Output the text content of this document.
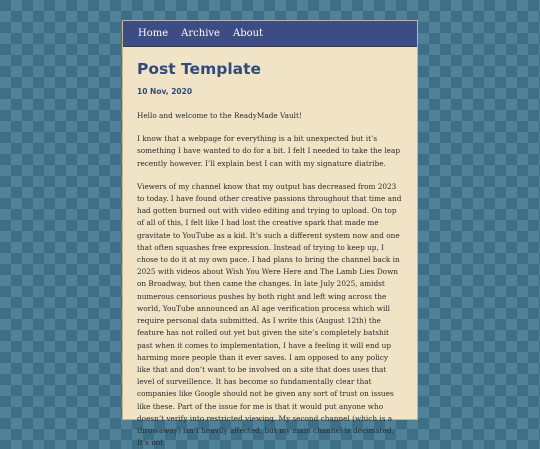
Home Archive About
Post Template
10 Nov, 2020

Hello and welcome to the ReadyMade Vault!

I know that a webpage for everything is a bit unexpected but it’s something I have wanted to do for a bit. I felt I needed to take the leap recently however. I’ll explain best I can with my signature diatribe.

Viewers of my channel know that my output has decreased from 2023 to today. I have found other creative passions throughout that time and had gotten burned out with video editing and trying to upload. On top of all of this, I felt like I had lost the creative spark that made me gravitate to YouTube as a kid. It’s such a different system now and one that often squashes free expression. Instead of trying to keep up, I chose to do it at my own pace. I had plans to bring the channel back in 2025 with videos about Wish You Were Here and The Lamb Lies Down on Broadway, but then came the changes. In late July 2025, amidst numerous censorious pushes by both right and left wing across the world, YouTube announced an AI age verification process which will require personal data submitted. As I write this (August 12th) the feature has not rolled out yet but given the site’s completely batshit past when it comes to implementation, I have a feeling it will end up harming more people than it ever saves. I am opposed to any policy like that and don’t want to be involved on a site that does uses that level of surveillence. It has become so fundamentally clear that companies like Google should not be given any sort of trust on issues like these. Part of the issue for me is that it would put anyone who doesn’t verify into restricted viewing. My second channel (which is a throwaway) isn’t heavily affected, but my main channel is decimated. It’s not
